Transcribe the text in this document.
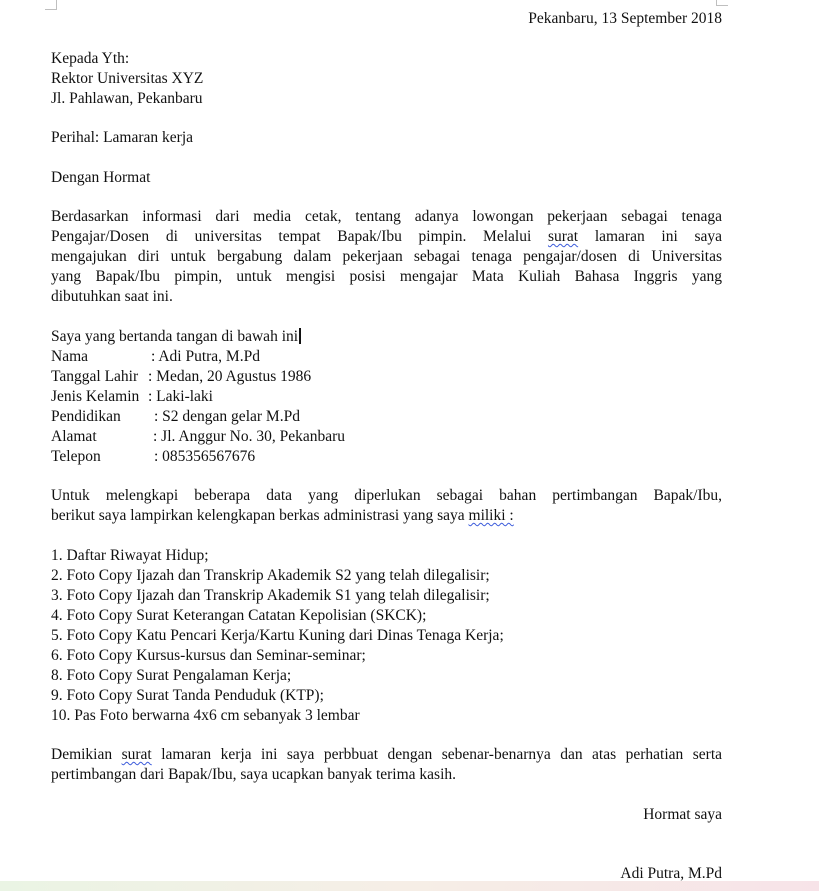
Pekanbaru, 13 September 2018
Kepada Yth:
Rektor Universitas XYZ
Jl. Pahlawan, Pekanbaru
Perihal: Lamaran kerja
Dengan Hormat
Berdasarkan informasi dari media cetak, tentang adanya lowongan pekerjaan sebagai tenaga
Pengajar/Dosen di universitas tempat Bapak/Ibu pimpin. Melalui surat lamaran ini saya
mengajukan diri untuk bergabung dalam pekerjaan sebagai tenaga pengajar/dosen di Universitas
yang Bapak/Ibu pimpin, untuk mengisi posisi mengajar Mata Kuliah Bahasa Inggris yang
dibutuhkan saat ini.
Saya yang bertanda tangan di bawah ini
Nama	: Adi Putra, M.Pd
Tanggal Lahir : Medan, 20 Agustus 1986
Jenis Kelamin : Laki-laki
Pendidikan	: S2 dengan gelar M.Pd
Alamat	: Jl. Anggur No. 30, Pekanbaru
Telepon	: 085356567676
Untuk melengkapi beberapa data yang diperlukan sebagai bahan pertimbangan Bapak/Ibu,
berikut saya lampirkan kelengkapan berkas administrasi yang saya miliki :
1. Daftar Riwayat Hidup;
2. Foto Copy Ijazah dan Transkrip Akademik S2 yang telah dilegalisir;
3. Foto Copy Ijazah dan Transkrip Akademik S1 yang telah dilegalisir;
4. Foto Copy Surat Keterangan Catatan Kepolisian (SKCK);
5. Foto Copy Katu Pencari Kerja/Kartu Kuning dari Dinas Tenaga Kerja;
6. Foto Copy Kursus-kursus dan Seminar-seminar;
8. Foto Copy Surat Pengalaman Kerja;
9. Foto Copy Surat Tanda Penduduk (KTP);
10. Pas Foto berwarna 4x6 cm sebanyak 3 lembar
Demikian surat lamaran kerja ini saya perbbuat dengan sebenar-benarnya dan atas perhatian serta
pertimbangan dari Bapak/Ibu, saya ucapkan banyak terima kasih.
Hormat saya
Adi Putra, M.Pd
